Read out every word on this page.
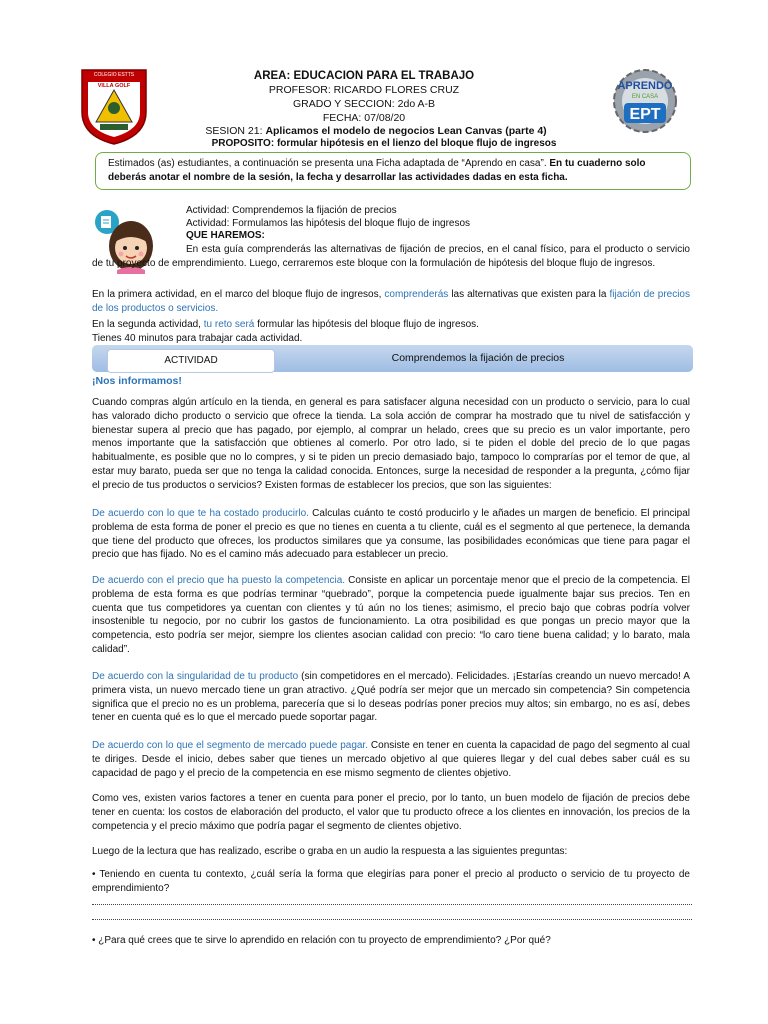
COLEGIO ESTTS
VILLA GOLF	APRENDO
EN CASA
EPT
AREA: EDUCACION PARA EL TRABAJO
PROFESOR: RICARDO FLORES CRUZ
GRADO Y SECCION: 2do A-B
FECHA: 07/08/20
SESION 21: Aplicamos el modelo de negocios Lean Canvas (parte 4)
PROPOSITO: formular hipótesis en el lienzo del bloque flujo de ingresos
Estimados (as) estudiantes, a continuación se presenta una Ficha adaptada de “Aprendo en casa”. En tu cuaderno solo deberás anotar el nombre de la sesión, la fecha y desarrollar las actividades dadas en esta ficha.
Actividad: Comprendemos la fijación de precios
Actividad: Formulamos las hipótesis del bloque flujo de ingresos
QUE HAREMOS:
En esta guía comprenderás las alternativas de fijación de precios, en el canal físico, para el producto o servicio de tu proyecto de emprendimiento. Luego, cerraremos este bloque con la formulación de hipótesis del bloque flujo de ingresos.
En la primera actividad, en el marco del bloque flujo de ingresos, comprenderás las alternativas que existen para la fijación de precios de los productos o servicios.
En la segunda actividad, tu reto será formular las hipótesis del bloque flujo de ingresos.
Tienes 40 minutos para trabajar cada actividad.
ACTIVIDAD	Comprendemos la fijación de precios
¡Nos informamos!
Cuando compras algún artículo en la tienda, en general es para satisfacer alguna necesidad con un producto o servicio, para lo cual has valorado dicho producto o servicio que ofrece la tienda. La sola acción de comprar ha mostrado que tu nivel de satisfacción y bienestar supera al precio que has pagado, por ejemplo, al comprar un helado, crees que su precio es un valor importante, pero menos importante que la satisfacción que obtienes al comerlo. Por otro lado, si te piden el doble del precio de lo que pagas habitualmente, es posible que no lo compres, y si te piden un precio demasiado bajo, tampoco lo comprarías por el temor de que, al estar muy barato, pueda ser que no tenga la calidad conocida. Entonces, surge la necesidad de responder a la pregunta, ¿cómo fijar el precio de tus productos o servicios? Existen formas de establecer los precios, que son las siguientes:
De acuerdo con lo que te ha costado producirlo. Calculas cuánto te costó producirlo y le añades un margen de beneficio. El principal problema de esta forma de poner el precio es que no tienes en cuenta a tu cliente, cuál es el segmento al que pertenece, la demanda que tiene del producto que ofreces, los productos similares que ya consume, las posibilidades económicas que tiene para pagar el precio que has fijado. No es el camino más adecuado para establecer un precio.
De acuerdo con el precio que ha puesto la competencia. Consiste en aplicar un porcentaje menor que el precio de la competencia. El problema de esta forma es que podrías terminar “quebrado”, porque la competencia puede igualmente bajar sus precios. Ten en cuenta que tus competidores ya cuentan con clientes y tú aún no los tienes; asimismo, el precio bajo que cobras podría volver insostenible tu negocio, por no cubrir los gastos de funcionamiento. La otra posibilidad es que pongas un precio mayor que la competencia, esto podría ser mejor, siempre los clientes asocian calidad con precio: “lo caro tiene buena calidad; y lo barato, mala calidad”.
De acuerdo con la singularidad de tu producto (sin competidores en el mercado). Felicidades. ¡Estarías creando un nuevo mercado! A primera vista, un nuevo mercado tiene un gran atractivo. ¿Qué podría ser mejor que un mercado sin competencia? Sin competencia significa que el precio no es un problema, parecería que si lo deseas podrías poner precios muy altos; sin embargo, no es así, debes tener en cuenta qué es lo que el mercado puede soportar pagar.
De acuerdo con lo que el segmento de mercado puede pagar. Consiste en tener en cuenta la capacidad de pago del segmento al cual te diriges. Desde el inicio, debes saber que tienes un mercado objetivo al que quieres llegar y del cual debes saber cuál es su capacidad de pago y el precio de la competencia en ese mismo segmento de clientes objetivo.
Como ves, existen varios factores a tener en cuenta para poner el precio, por lo tanto, un buen modelo de fijación de precios debe tener en cuenta: los costos de elaboración del producto, el valor que tu producto ofrece a los clientes en innovación, los precios de la competencia y el precio máximo que podría pagar el segmento de clientes objetivo.
Luego de la lectura que has realizado, escribe o graba en un audio la respuesta a las siguientes preguntas:
• Teniendo en cuenta tu contexto, ¿cuál sería la forma que elegirías para poner el precio al producto o servicio de tu proyecto de emprendimiento?
• ¿Para qué crees que te sirve lo aprendido en relación con tu proyecto de emprendimiento? ¿Por qué?
